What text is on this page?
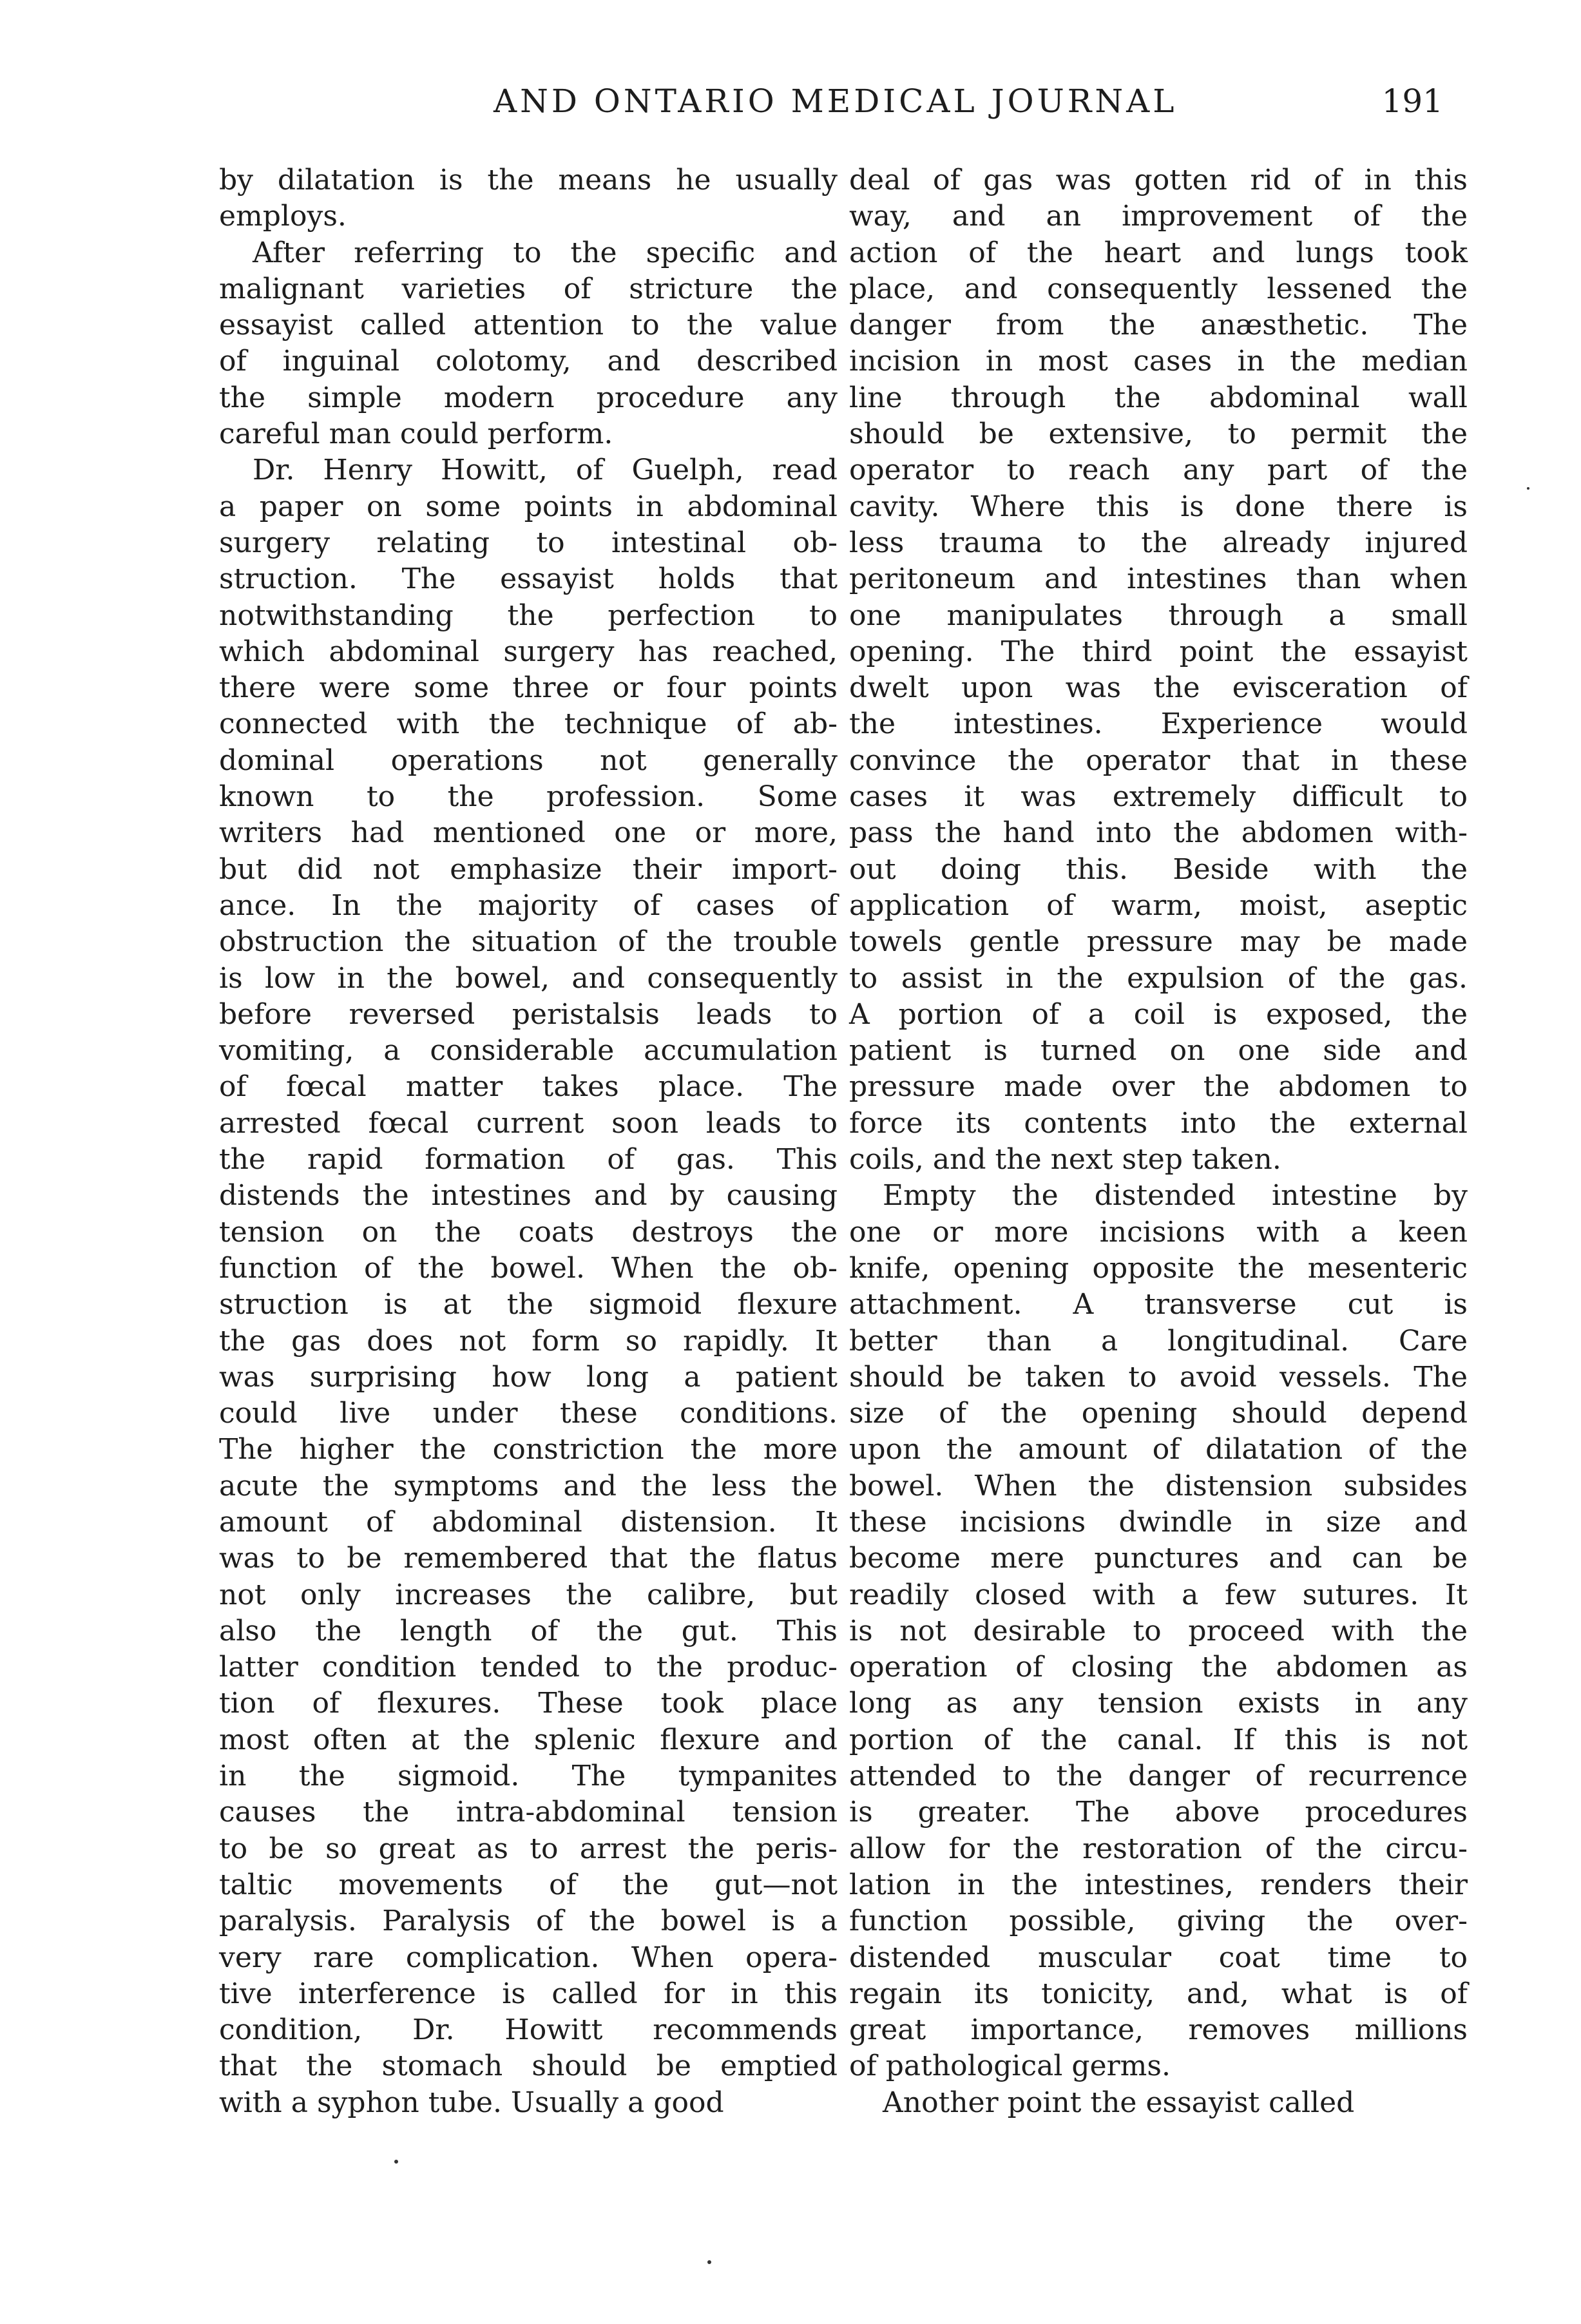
AND ONTARIO MEDICAL JOURNAL	191
by dilatation is the means he usually
employs.
After referring to the specific and
malignant varieties of stricture the
essayist called attention to the value
of inguinal colotomy, and described
the simple modern procedure any
careful man could perform.
Dr. Henry Howitt, of Guelph, read
a paper on some points in abdominal
surgery relating to intestinal ob-
struction. The essayist holds that
notwithstanding the perfection to
which abdominal surgery has reached,
there were some three or four points
connected with the technique of ab-
dominal operations not generally
known to the profession. Some
writers had mentioned one or more,
but did not emphasize their import-
ance. In the majority of cases of
obstruction the situation of the trouble
is low in the bowel, and consequently
before reversed peristalsis leads to
vomiting, a considerable accumulation
of fœcal matter takes place. The
arrested fœcal current soon leads to
the rapid formation of gas. This
distends the intestines and by causing
tension on the coats destroys the
function of the bowel. When the ob-
struction is at the sigmoid flexure
the gas does not form so rapidly. It
was surprising how long a patient
could live under these conditions.
The higher the constriction the more
acute the symptoms and the less the
amount of abdominal distension. It
was to be remembered that the flatus
not only increases the calibre, but
also the length of the gut. This
latter condition tended to the produc-
tion of flexures. These took place
most often at the splenic flexure and
in the sigmoid. The tympanites
causes the intra-abdominal tension
to be so great as to arrest the peris-
taltic movements of the gut—not
paralysis. Paralysis of the bowel is a
very rare complication. When opera-
tive interference is called for in this
condition, Dr. Howitt recommends
that the stomach should be emptied
with a syphon tube. Usually a good
deal of gas was gotten rid of in this
way, and an improvement of the
action of the heart and lungs took
place, and consequently lessened the
danger from the anæsthetic. The
incision in most cases in the median
line through the abdominal wall
should be extensive, to permit the
operator to reach any part of the
cavity. Where this is done there is
less trauma to the already injured
peritoneum and intestines than when
one manipulates through a small
opening. The third point the essayist
dwelt upon was the evisceration of
the intestines. Experience would
convince the operator that in these
cases it was extremely difficult to
pass the hand into the abdomen with-
out doing this. Beside with the
application of warm, moist, aseptic
towels gentle pressure may be made
to assist in the expulsion of the gas.
A portion of a coil is exposed, the
patient is turned on one side and
pressure made over the abdomen to
force its contents into the external
coils, and the next step taken.
Empty the distended intestine by
one or more incisions with a keen
knife, opening opposite the mesenteric
attachment. A transverse cut is
better than a longitudinal. Care
should be taken to avoid vessels. The
size of the opening should depend
upon the amount of dilatation of the
bowel. When the distension subsides
these incisions dwindle in size and
become mere punctures and can be
readily closed with a few sutures. It
is not desirable to proceed with the
operation of closing the abdomen as
long as any tension exists in any
portion of the canal. If this is not
attended to the danger of recurrence
is greater. The above procedures
allow for the restoration of the circu-
lation in the intestines, renders their
function possible, giving the over-
distended muscular coat time to
regain its tonicity, and, what is of
great importance, removes millions
of pathological germs.
Another point the essayist called
